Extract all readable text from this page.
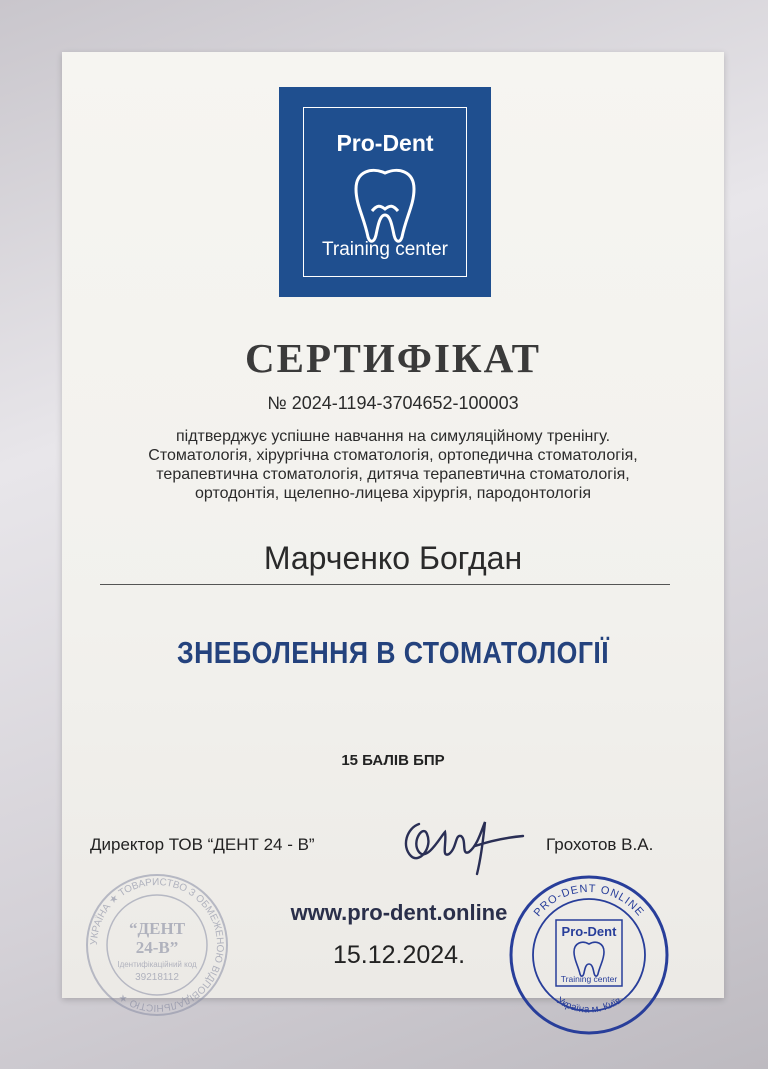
Pro-Dent
Training center
СЕРТИФІКАТ
№ 2024-1194-3704652-100003
підтверджує успішне навчання на симуляційному тренінгу.
Стоматологія, хірургічна стоматологія, ортопедична стоматологія,
терапевтична стоматологія, дитяча терапевтична стоматологія,
ортодонтія, щелепно-лицева хірургія, пародонтологія
Марченко Богдан
ЗНЕБОЛЕННЯ В СТОМАТОЛОГІЇ
15 БАЛІВ БПР
Директор ТОВ “ДЕНТ 24 - В”	Грохотов В.А.
www.pro-dent.online
15.12.2024.
УКРАЇНА ★ ТОВАРИСТВО З ОБМЕЖЕНОЮ ВІДПОВІДАЛЬНІСТЮ ★
“ДЕНТ
24-В”
Ідентифікаційний код
39218112
PRO-DENT ONLINE
Україна м. Київ
Pro-Dent
Training center
